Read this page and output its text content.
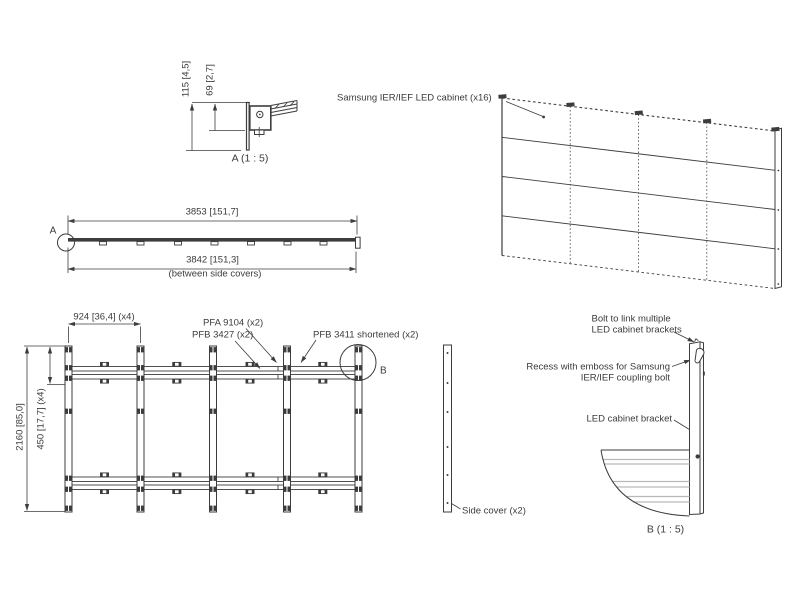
115 [4,5] 69 [2,7]
A (1 : 5)
3853 [151,7]
A
3842 [151,3]
(between side covers)
Samsung IER/IEF LED cabinet (x16)
924 [36,4] (x4)
2160 [85,0] 450 [17,7] (x4)
PFA 9104 (x2)
PFB 3427 (x2)	PFB 3411 shortened (x2)
B
Side cover (x2)
Bolt to link multiple
LED cabinet brackets
Recess with emboss for Samsung
IER/IEF coupling bolt
LED cabinet bracket
B (1 : 5)
